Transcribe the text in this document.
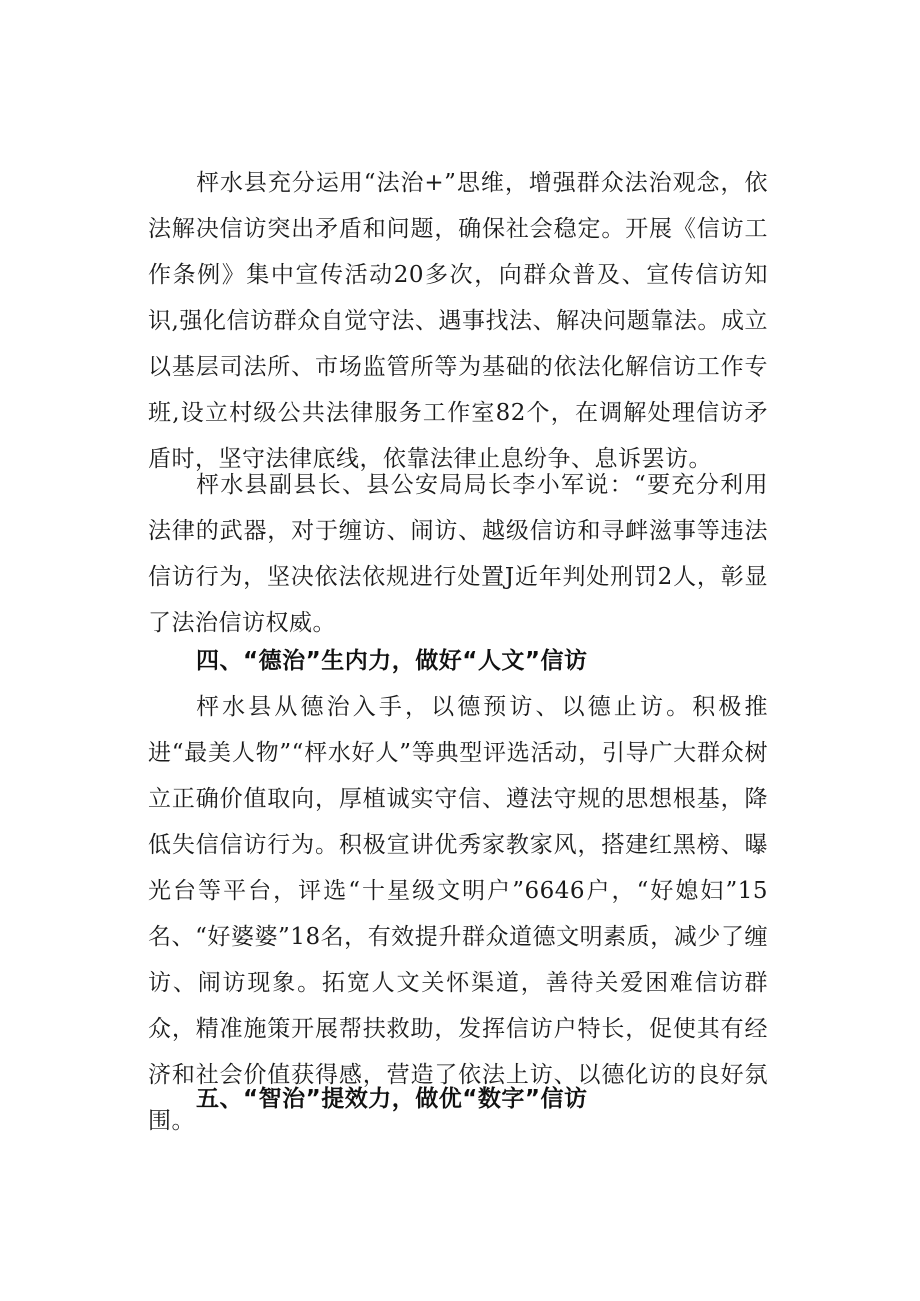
枰水县充分运用“法治+”思维，增强群众法治观念，依法解决信访突出矛盾和问题，确保社会稳定。开展《信访工作条例》集中宣传活动20多次，向群众普及、宣传信访知识,强化信访群众自觉守法、遇事找法、解决问题靠法。成立以基层司法所、市场监管所等为基础的依法化解信访工作专班,设立村级公共法律服务工作室82个，在调解处理信访矛盾时，坚守法律底线，依靠法律止息纷争、息诉罢访。

枰水县副县长、县公安局局长李小军说：“要充分利用法律的武器，对于缠访、闹访、越级信访和寻衅滋事等违法信访行为，坚决依法依规进行处置J近年判处刑罚2人，彰显了法治信访权威。

四、“德治”生内力，做好“人文”信访

枰水县从德治入手，以德预访、以德止访。积极推进“最美人物”“枰水好人”等典型评选活动，引导广大群众树立正确价值取向，厚植诚实守信、遵法守规的思想根基，降低失信信访行为。积极宣讲优秀家教家风，搭建红黑榜、曝光台等平台，评选“十星级文明户”6646户，“好媳妇”15名、“好婆婆”18名，有效提升群众道德文明素质，减少了缠访、闹访现象。拓宽人文关怀渠道，善待关爱困难信访群众，精准施策开展帮扶救助，发挥信访户特长，促使其有经济和社会价值获得感，营造了依法上访、以德化访的良好氛围。

五、“智治”提效力，做优“数字”信访
